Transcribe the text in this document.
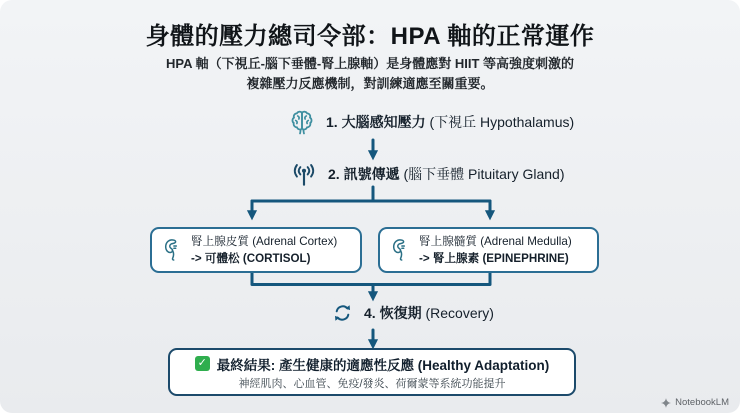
身體的壓力總司令部：HPA 軸的正常運作
HPA 軸（下視丘-腦下垂體-腎上腺軸）是身體應對 HIIT 等高強度刺激的
複雜壓力反應機制，對訓練適應至關重要。
1. 大腦感知壓力 (下視丘 Hypothalamus)
2. 訊號傳遞 (腦下垂體 Pituitary Gland)
腎上腺皮質 (Adrenal Cortex)
-> 可體松 (CORTISOL)
腎上腺髓質 (Adrenal Medulla)
-> 腎上腺素 (EPINEPHRINE)
4. 恢復期 (Recovery)
✓ 最終結果: 產生健康的適應性反應 (Healthy Adaptation)
神經肌肉、心血管、免疫/發炎、荷爾蒙等系統功能提升
NotebookLM
